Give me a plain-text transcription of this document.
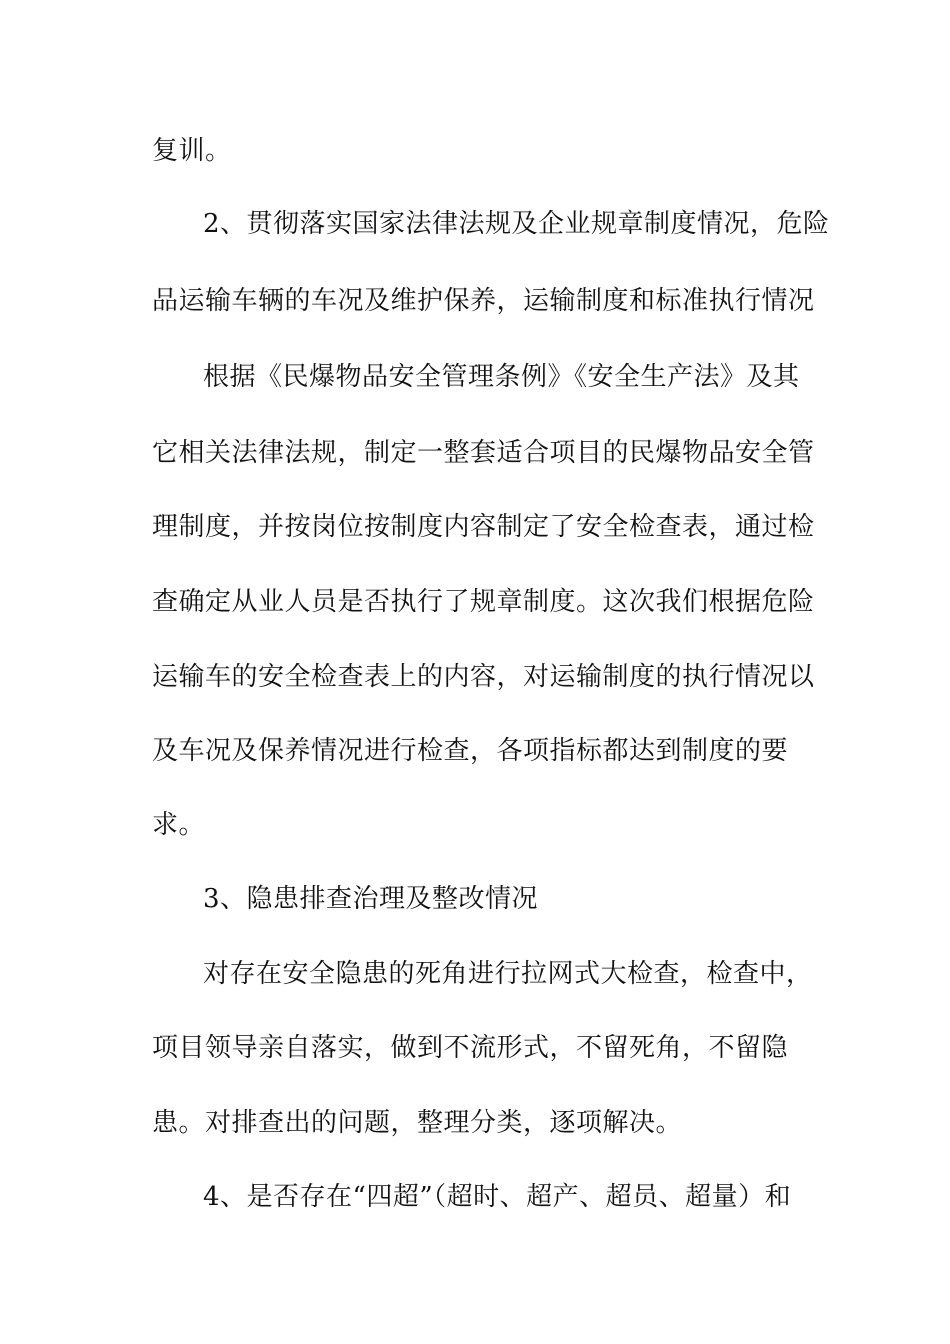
复训。
2、贯彻落实国家法律法规及企业规章制度情况，危险
品运输车辆的车况及维护保养，运输制度和标准执行情况
根据《民爆物品安全管理条例》《安全生产法》及其
它相关法律法规，制定一整套适合项目的民爆物品安全管
理制度，并按岗位按制度内容制定了安全检查表，通过检
查确定从业人员是否执行了规章制度。这次我们根据危险
运输车的安全检查表上的内容，对运输制度的执行情况以
及车况及保养情况进行检查，各项指标都达到制度的要
求。
3、隐患排查治理及整改情况
对存在安全隐患的死角进行拉网式大检查，检查中，
项目领导亲自落实，做到不流形式，不留死角，不留隐
患。对排查出的问题，整理分类，逐项解决。
4、是否存在“四超”（超时、超产、超员、超量）和
